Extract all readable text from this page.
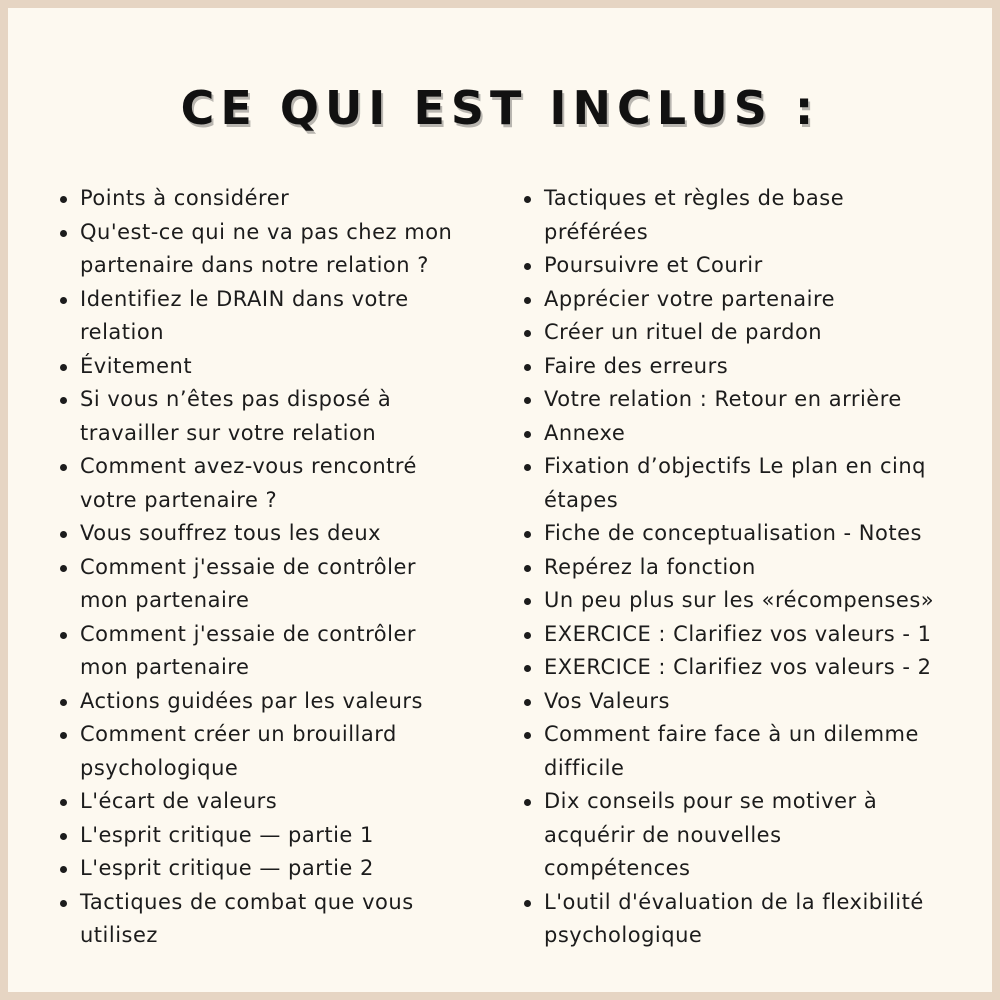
CE QUI EST INCLUS :
Points à considérer
Qu'est-ce qui ne va pas chez mon
partenaire dans notre relation ?
Identifiez le DRAIN dans votre
relation
Évitement
Si vous n’êtes pas disposé à
travailler sur votre relation
Comment avez-vous rencontré
votre partenaire ?
Vous souffrez tous les deux
Comment j'essaie de contrôler
mon partenaire
Comment j'essaie de contrôler
mon partenaire
Actions guidées par les valeurs
Comment créer un brouillard
psychologique
L'écart de valeurs
L'esprit critique — partie 1
L'esprit critique — partie 2
Tactiques de combat que vous
utilisez
Tactiques et règles de base
préférées
Poursuivre et Courir
Apprécier votre partenaire
Créer un rituel de pardon
Faire des erreurs
Votre relation : Retour en arrière
Annexe
Fixation d’objectifs Le plan en cinq
étapes
Fiche de conceptualisation - Notes
Repérez la fonction
Un peu plus sur les «récompenses»
EXERCICE : Clarifiez vos valeurs - 1
EXERCICE : Clarifiez vos valeurs - 2
Vos Valeurs
Comment faire face à un dilemme
difficile
Dix conseils pour se motiver à
acquérir de nouvelles
compétences
L'outil d'évaluation de la flexibilité
psychologique
